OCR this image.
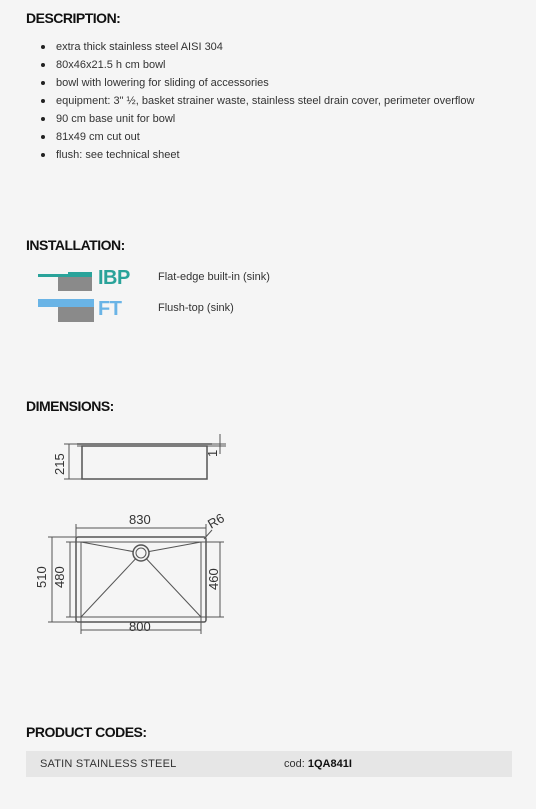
DESCRIPTION:
extra thick stainless steel AISI 304
80x46x21.5 h cm bowl
bowl with lowering for sliding of accessories
equipment: 3" ½, basket strainer waste, stainless steel drain cover, perimeter overflow
90 cm base unit for bowl
81x49 cm cut out
flush: see technical sheet
INSTALLATION:
IBP	Flat-edge built-in (sink)
FT	Flush-top (sink)
DIMENSIONS:
215	1
830
800
R6
510 480	460
PRODUCT CODES:
SATIN STAINLESS STEEL	cod: 1QA841I
